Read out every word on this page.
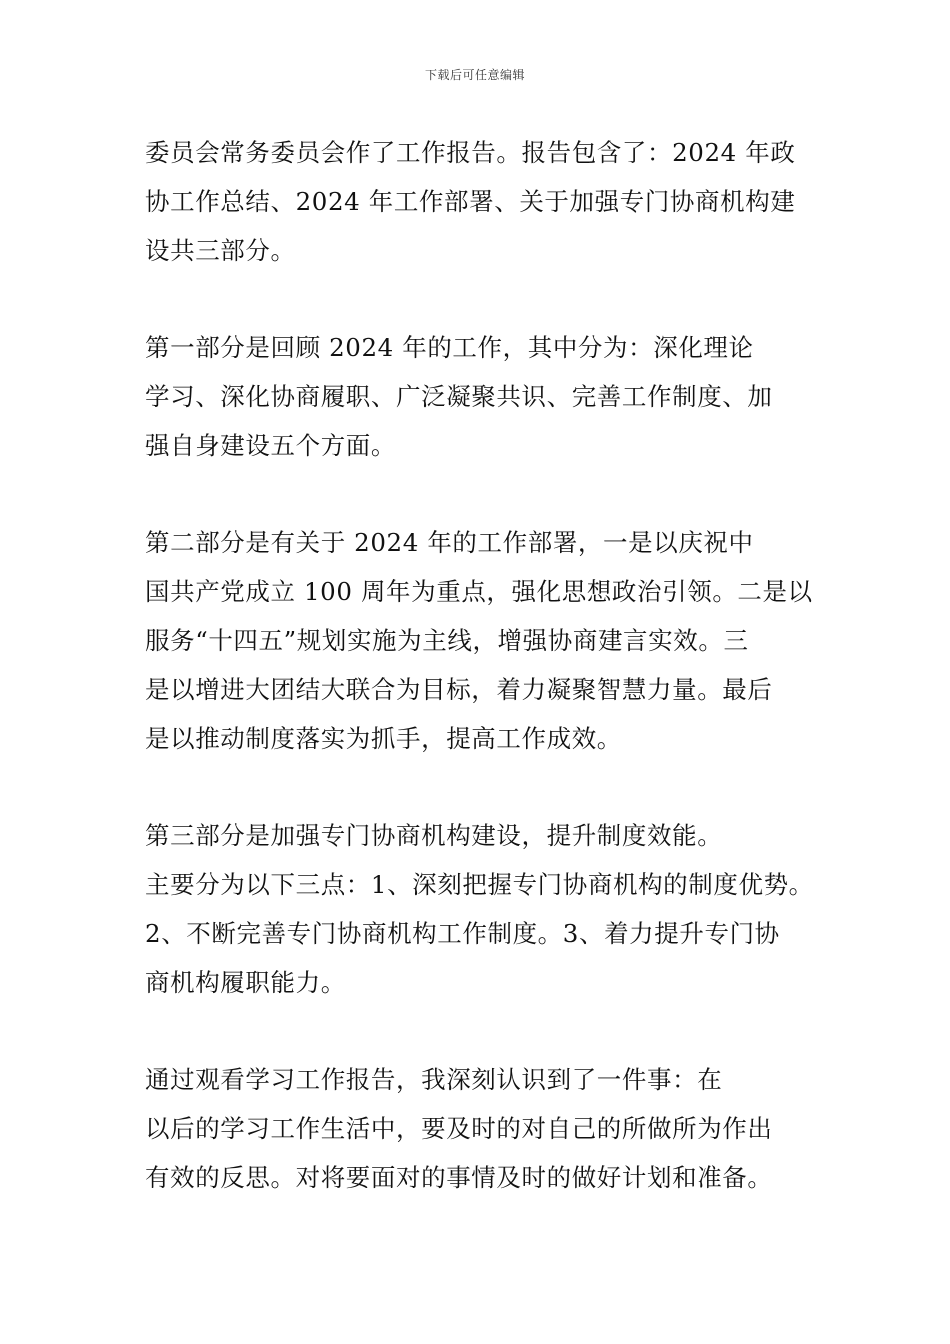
下载后可任意编辑

委员会常务委员会作了工作报告。报告包含了：2024 年政
协工作总结、2024 年工作部署、关于加强专门协商机构建
设共三部分。

第一部分是回顾 2024 年的工作，其中分为：深化理论
学习、深化协商履职、广泛凝聚共识、完善工作制度、加
强自身建设五个方面。

第二部分是有关于 2024 年的工作部署，一是以庆祝中
国共产党成立 100 周年为重点，强化思想政治引领。二是以
服务“十四五”规划实施为主线，增强协商建言实效。三
是以增进大团结大联合为目标，着力凝聚智慧力量。最后
是以推动制度落实为抓手，提高工作成效。

第三部分是加强专门协商机构建设，提升制度效能。
主要分为以下三点：1、深刻把握专门协商机构的制度优势。
2、不断完善专门协商机构工作制度。3、着力提升专门协
商机构履职能力。

通过观看学习工作报告，我深刻认识到了一件事：在
以后的学习工作生活中，要及时的对自己的所做所为作出
有效的反思。对将要面对的事情及时的做好计划和准备。
